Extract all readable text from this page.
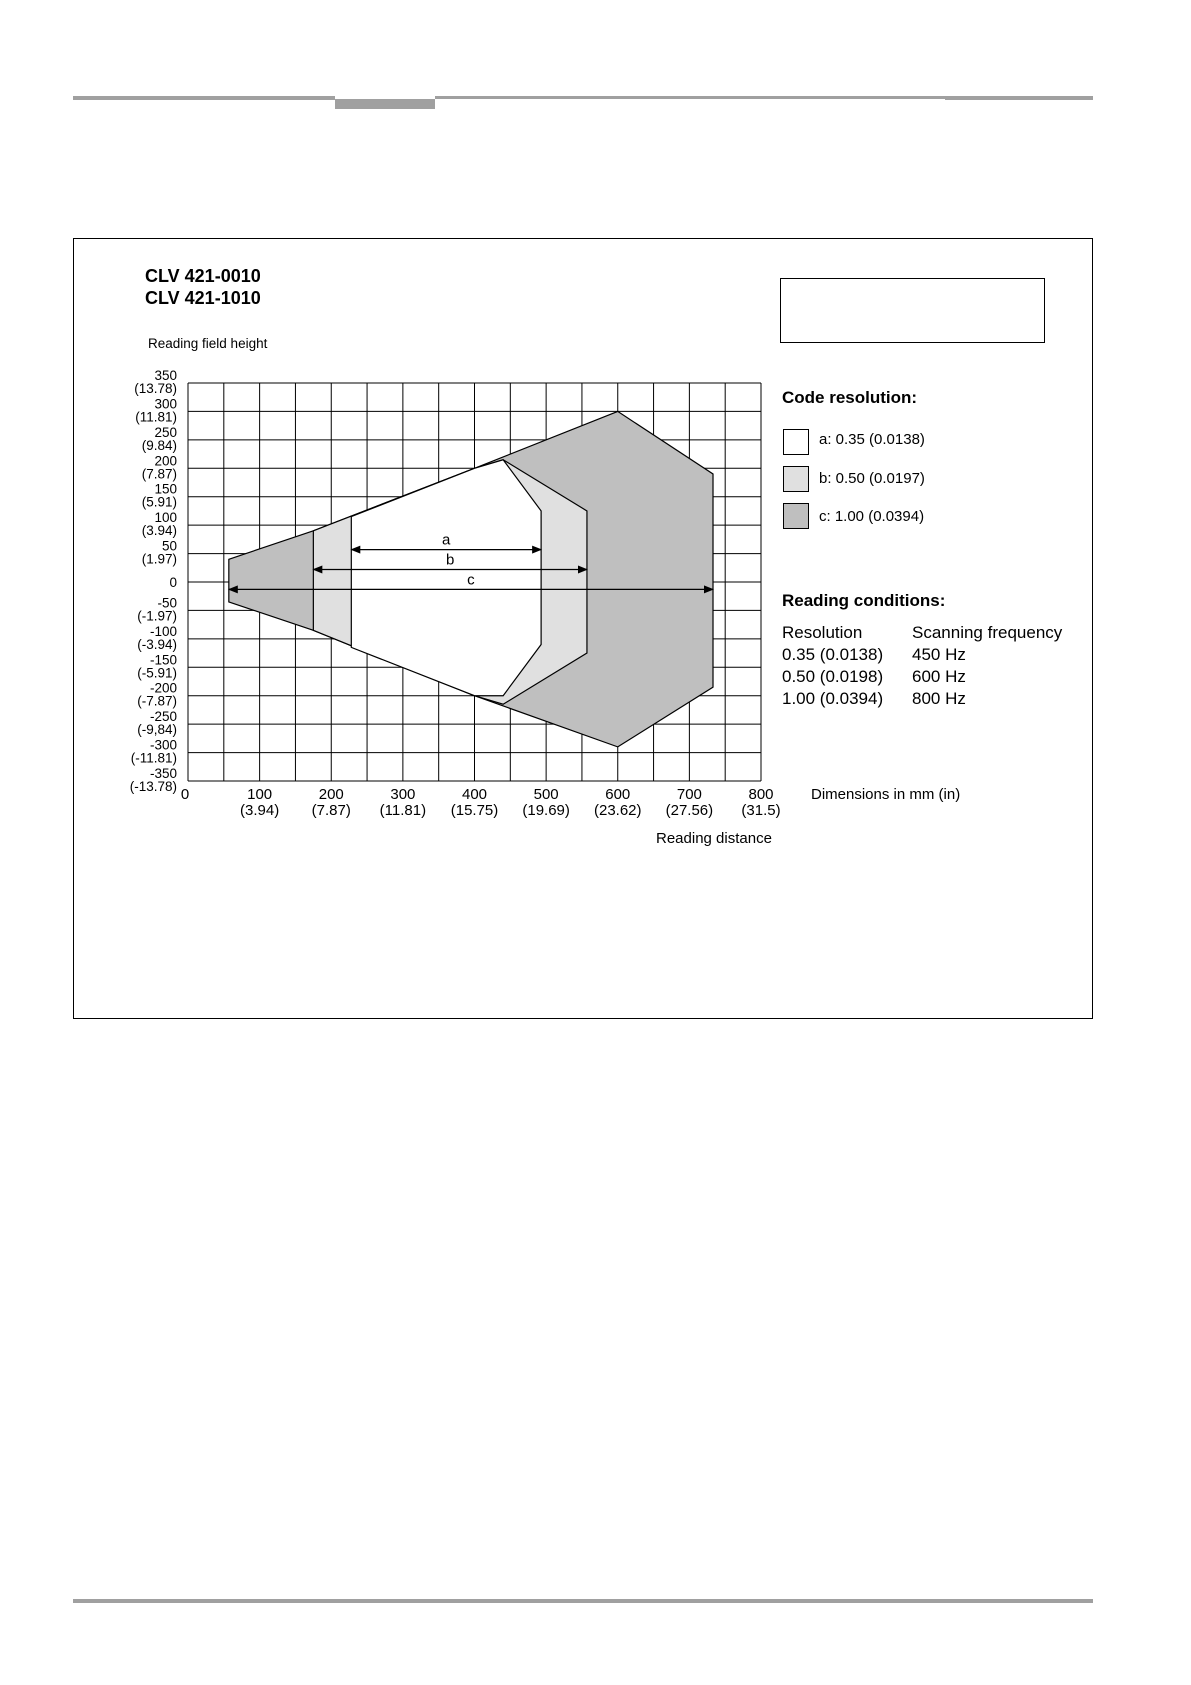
CLV 421-0010
CLV 421-1010
Code resolution:
a: 0.35 (0.0138)
b: 0.50 (0.0197)
c: 1.00 (0.0394)
Reading conditions:
Resolution	Scanning frequency
0.35 (0.0138) 450 Hz
0.50 (0.0198) 600 Hz
1.00 (0.0394) 800 Hz
a
b
c
350
(13.78)
300
(11.81)
250
(9.84)
200
(7.87)
150
(5.91)
100
(3.94)
50
(1.97)
0
-50
(-1.97)
-100
(-3.94)
-150
(-5.91)
-200
(-7.87)
-250
(-9,84)
-300
(-11.81)
-350
(-13.78) 0	100
(3.94)
200
(7.87)
300
(11.81)
400
(15.75)
500
(19.69)
600
(23.62)
700
(27.56)
800
(31.5)
Reading field height
Reading distance
Dimensions in mm (in)
